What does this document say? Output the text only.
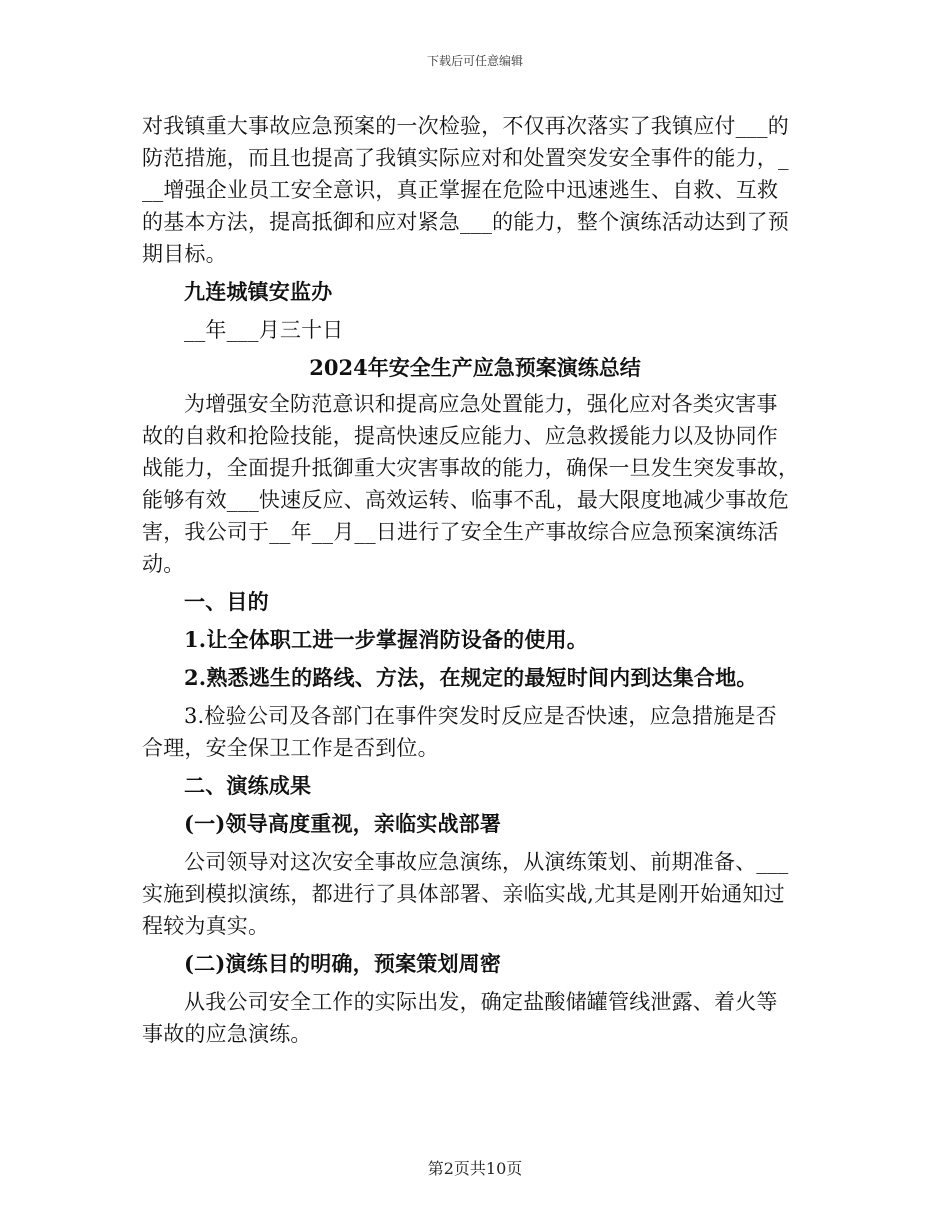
下载后可任意编辑

对我镇重大事故应急预案的一次检验，不仅再次落实了我镇应付___的
防范措施，而且也提高了我镇实际应对和处置突发安全事件的能力，_
__增强企业员工安全意识，真正掌握在危险中迅速逃生、自救、互救
的基本方法，提高抵御和应对紧急___的能力，整个演练活动达到了预
期目标。

九连城镇安监办

__年___月三十日

2024年安全生产应急预案演练总结

为增强安全防范意识和提高应急处置能力，强化应对各类灾害事
故的自救和抢险技能，提高快速反应能力、应急救援能力以及协同作
战能力，全面提升抵御重大灾害事故的能力，确保一旦发生突发事故，
能够有效___快速反应、高效运转、临事不乱，最大限度地减少事故危
害，我公司于__年__月__日进行了安全生产事故综合应急预案演练活
动。

一、目的

1.让全体职工进一步掌握消防设备的使用。

2.熟悉逃生的路线、方法，在规定的最短时间内到达集合地。

3.检验公司及各部门在事件突发时反应是否快速，应急措施是否
合理，安全保卫工作是否到位。

二、演练成果

(一)领导高度重视，亲临实战部署

公司领导对这次安全事故应急演练，从演练策划、前期准备、___
实施到模拟演练，都进行了具体部署、亲临实战,尤其是刚开始通知过
程较为真实。

(二)演练目的明确，预案策划周密

从我公司安全工作的实际出发，确定盐酸储罐管线泄露、着火等
事故的应急演练。

第2页共10页
